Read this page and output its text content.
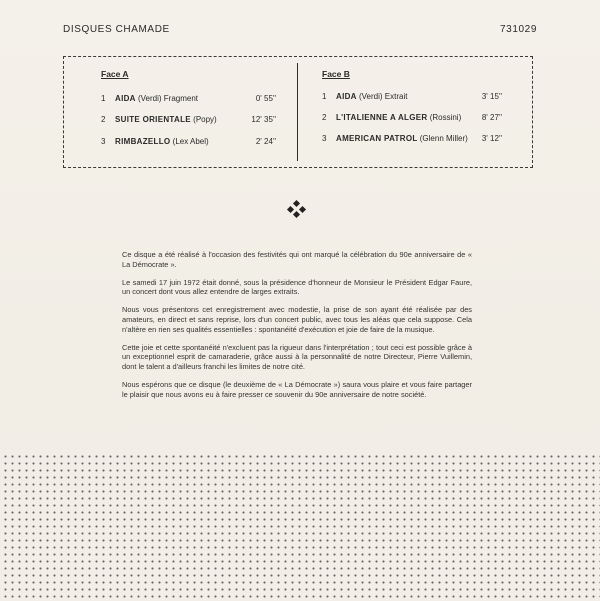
DISQUES CHAMADE	731029
Face A	Face B
1 AIDA (Verdi) Fragment	0' 55''
2 SUITE ORIENTALE (Popy)	12' 35''
3 RIMBAZELLO (Lex Abel)	2' 24''
1 AIDA (Verdi) Extrait	3' 15''
2 L'ITALIENNE A ALGER (Rossini)	8' 27''
3 AMERICAN PATROL (Glenn Miller) 3' 12''

Ce disque a été réalisé à l'occasion des festivités qui ont marqué la célébration du 90e anniversaire de « La Démocrate ».

Le samedi 17 juin 1972 était donné, sous la présidence d'honneur de Monsieur le Président Edgar Faure, un concert dont vous allez entendre de larges extraits.

Nous vous présentons cet enregistrement avec modestie, la prise de son ayant été réalisée par des amateurs, en direct et sans reprise, lors d'un concert public, avec tous les aléas que cela suppose. Cela n'altère en rien ses qualités essentielles : spontanéité d'exécution et joie de faire de la musique.

Cette joie et cette spontanéité n'excluent pas la rigueur dans l'interprétation ; tout ceci est possible grâce à un exceptionnel esprit de camaraderie, grâce aussi à la personnalité de notre Directeur, Pierre Vuillemin, dont le talent a d'ailleurs franchi les limites de notre cité.

Nous espérons que ce disque (le deuxième de « La Démocrate ») saura vous plaire et vous faire partager le plaisir que nous avons eu à faire presser ce souvenir du 90e anniversaire de notre société.
